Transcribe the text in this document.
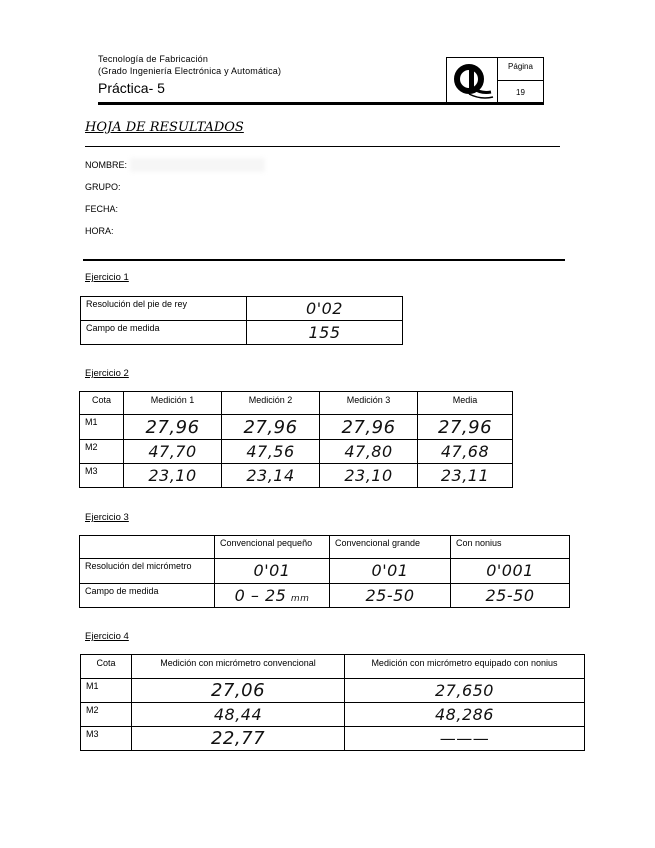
Tecnología de Fabricación
(Grado Ingeniería Electrónica y Automática)
Práctica- 5
Página
19
HOJA DE RESULTADOS
NOMBRE:
GRUPO:
FECHA:
HORA:
Ejercicio 1
Resolución del pie de rey	0'02
Campo de medida	155
Ejercicio 2
Cota	Medición 1	Medición 2	Medición 3	Media
M1	27,96	27,96	27,96	27,96
M2	47,70	47,56	47,80	47,68
M3	23,10	23,14	23,10	23,11
Ejercicio 3
	Convencional pequeño	Convencional grande	Con nonius
Resolución del micrómetro	0'01	0'01	0'001
Campo de medida	0 – 25 mm	25-50	25-50
Ejercicio 4
Cota	Medición con micrómetro convencional	Medición con micrómetro equipado con nonius
M1	27,06	27,650
M2	48,44	48,286
M3	22,77	———
